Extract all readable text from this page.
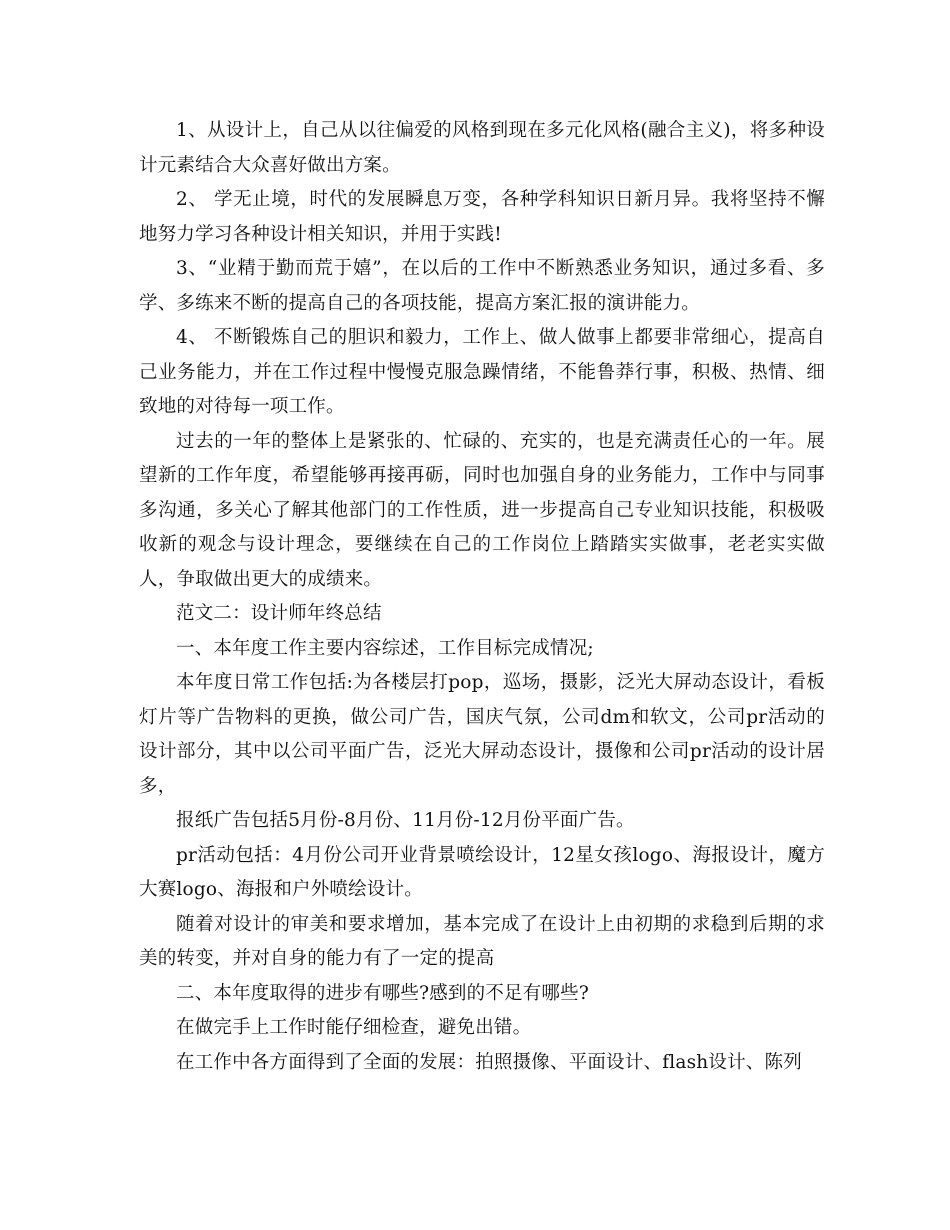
1、从设计上，自己从以往偏爱的风格到现在多元化风格(融合主义)，将多种设计元素结合大众喜好做出方案。

2、 学无止境，时代的发展瞬息万变，各种学科知识日新月异。我将坚持不懈地努力学习各种设计相关知识，并用于实践!

3、“业精于勤而荒于嬉”，在以后的工作中不断熟悉业务知识，通过多看、多学、多练来不断的提高自己的各项技能，提高方案汇报的演讲能力。

4、 不断锻炼自己的胆识和毅力，工作上、做人做事上都要非常细心，提高自己业务能力，并在工作过程中慢慢克服急躁情绪，不能鲁莽行事，积极、热情、细致地的对待每一项工作。

过去的一年的整体上是紧张的、忙碌的、充实的，也是充满责任心的一年。展望新的工作年度，希望能够再接再砺，同时也加强自身的业务能力，工作中与同事多沟通，多关心了解其他部门的工作性质，进一步提高自己专业知识技能，积极吸收新的观念与设计理念，要继续在自己的工作岗位上踏踏实实做事，老老实实做人，争取做出更大的成绩来。

范文二：设计师年终总结

一、本年度工作主要内容综述，工作目标完成情况;

本年度日常工作包括:为各楼层打pop，巡场，摄影，泛光大屏动态设计，看板灯片等广告物料的更换，做公司广告，国庆气氛，公司dm和软文，公司pr活动的设计部分，其中以公司平面广告，泛光大屏动态设计，摄像和公司pr活动的设计居多，

报纸广告包括5月份-8月份、11月份-12月份平面广告。

pr活动包括：4月份公司开业背景喷绘设计，12星女孩logo、海报设计，魔方大赛logo、海报和户外喷绘设计。

随着对设计的审美和要求增加，基本完成了在设计上由初期的求稳到后期的求美的转变，并对自身的能力有了一定的提高

二、本年度取得的进步有哪些?感到的不足有哪些?

在做完手上工作时能仔细检查，避免出错。

在工作中各方面得到了全面的发展：拍照摄像、平面设计、flash设计、陈列
